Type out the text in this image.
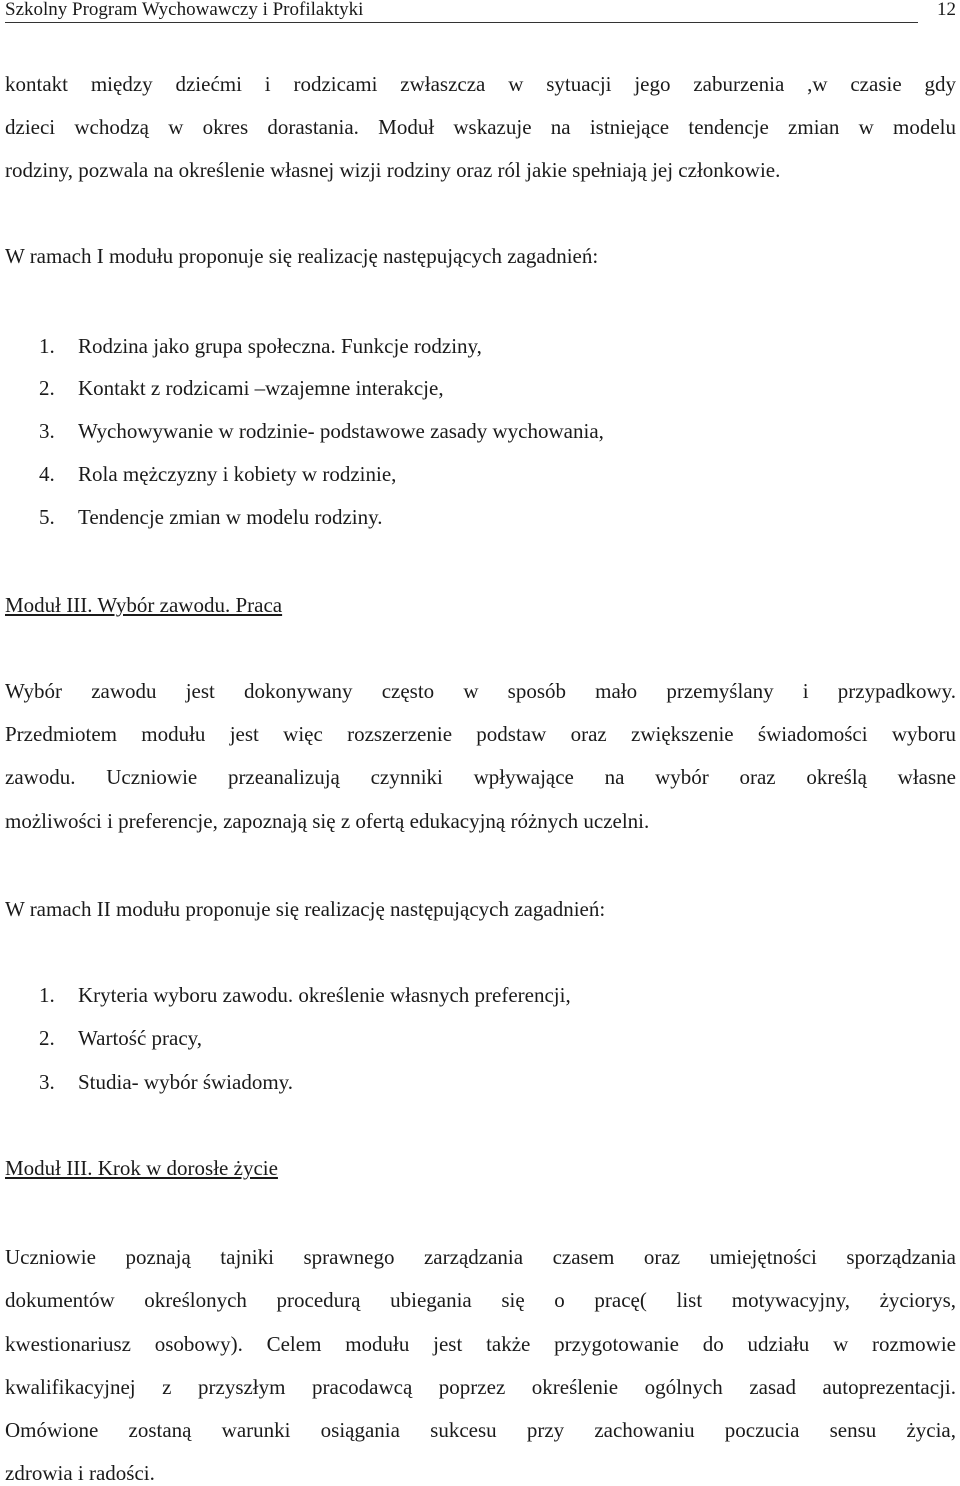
Szkolny Program Wychowawczy i Profilaktyki	12
kontakt między dziećmi i rodzicami zwłaszcza w sytuacji jego zaburzenia ,w czasie gdy
dzieci wchodzą w okres dorastania. Moduł wskazuje na istniejące tendencje zmian w modelu
rodziny, pozwala na określenie własnej wizji rodziny oraz ról jakie spełniają jej członkowie.
W ramach I modułu proponuje się realizację następujących zagadnień:
1. Rodzina jako grupa społeczna. Funkcje rodziny,
2. Kontakt z rodzicami –wzajemne interakcje,
3. Wychowywanie w rodzinie- podstawowe zasady wychowania,
4. Rola mężczyzny i kobiety w rodzinie,
5. Tendencje zmian w modelu rodziny.
Moduł III. Wybór zawodu. Praca
Wybór zawodu jest dokonywany często w sposób mało przemyślany i przypadkowy.
Przedmiotem modułu jest więc rozszerzenie podstaw oraz zwiększenie świadomości wyboru
zawodu. Uczniowie przeanalizują czynniki wpływające na wybór oraz określą własne
możliwości i preferencje, zapoznają się z ofertą edukacyjną różnych uczelni.
W ramach II modułu proponuje się realizację następujących zagadnień:
1. Kryteria wyboru zawodu. określenie własnych preferencji,
2. Wartość pracy,
3. Studia- wybór świadomy.
Moduł III. Krok w dorosłe życie
Uczniowie poznają tajniki sprawnego zarządzania czasem oraz umiejętności sporządzania
dokumentów określonych procedurą ubiegania się o pracę( list motywacyjny, życiorys,
kwestionariusz osobowy). Celem modułu jest także przygotowanie do udziału w rozmowie
kwalifikacyjnej z przyszłym pracodawcą poprzez określenie ogólnych zasad autoprezentacji.
Omówione zostaną warunki osiągania sukcesu przy zachowaniu poczucia sensu życia,
zdrowia i radości.
